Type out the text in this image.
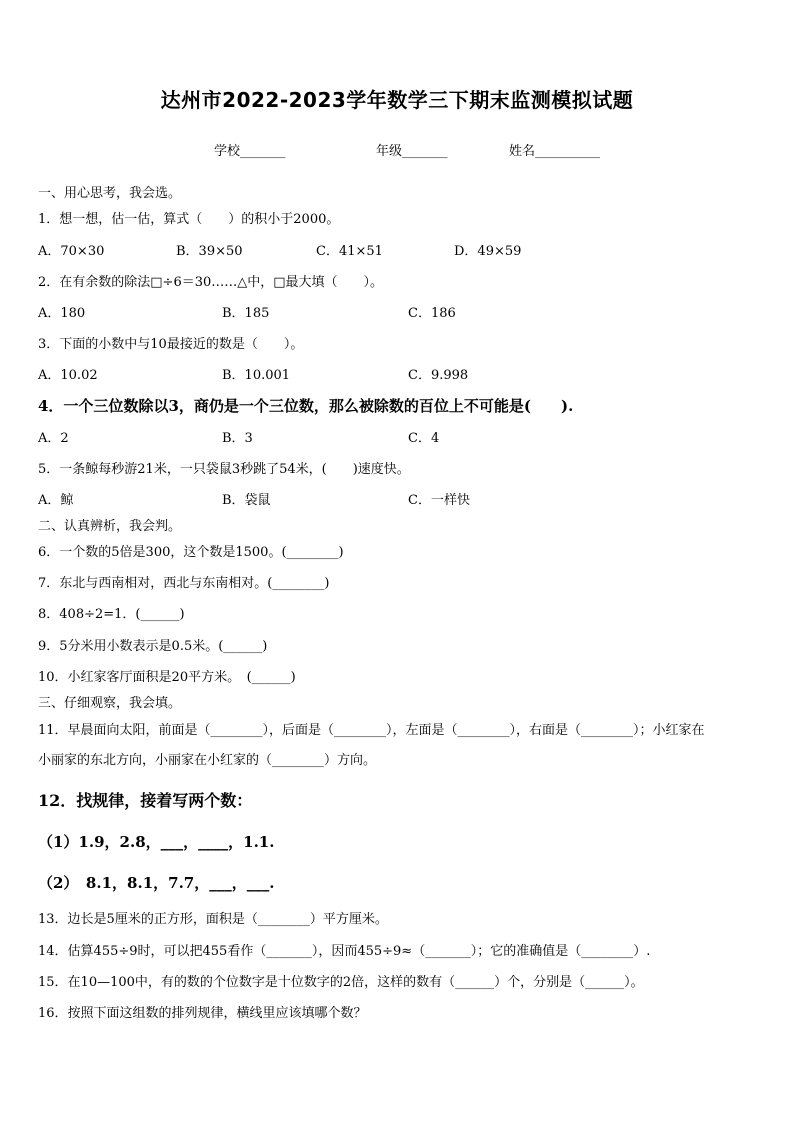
达州市2022-2023学年数学三下期末监测模拟试题
学校_______	年级_______	姓名__________
一、用心思考，我会选。
1．想一想，估一估，算式（　　）的积小于2000。
A．70×30	B．39×50	C．41×51	D．49×59
2．在有余数的除法□÷6＝30……△中，□最大填（　　）。
A．180	B．185	C．186
3．下面的小数中与10最接近的数是（　　）。
A．10.02	B．10.001	C．9.998
4．一个三位数除以3，商仍是一个三位数，那么被除数的百位上不可能是(　　).
A．2	B．3	C．4
5．一条鲸每秒游21米，一只袋鼠3秒跳了54米，(　　)速度快。
A．鲸	B．袋鼠	C．一样快
二、认真辨析，我会判。
6．一个数的5倍是300，这个数是1500。(________)
7．东北与西南相对，西北与东南相对。(________)
8．408÷2=1．(______)
9．5分米用小数表示是0.5米。(______)
10．小红家客厅面积是20平方米。　(______)
三、仔细观察，我会填。
11．早晨面向太阳，前面是（________），后面是（________），左面是（________），右面是（________）；小红家在
小丽家的东北方向，小丽家在小红家的（________）方向。
12．找规律，接着写两个数：
（1）1.9，2.8，___，____，1.1.
（2）　8.1，8.1，7.7，___，___.
13．边长是5厘米的正方形，面积是（________）平方厘米。
14．估算455÷9时，可以把455看作（_______），因而455÷9≈（_______）；它的准确值是（________）.
15．在10—100中，有的数的个位数字是十位数字的2倍，这样的数有（______）个，分别是（______）。
16．按照下面这组数的排列规律，横线里应该填哪个数？
